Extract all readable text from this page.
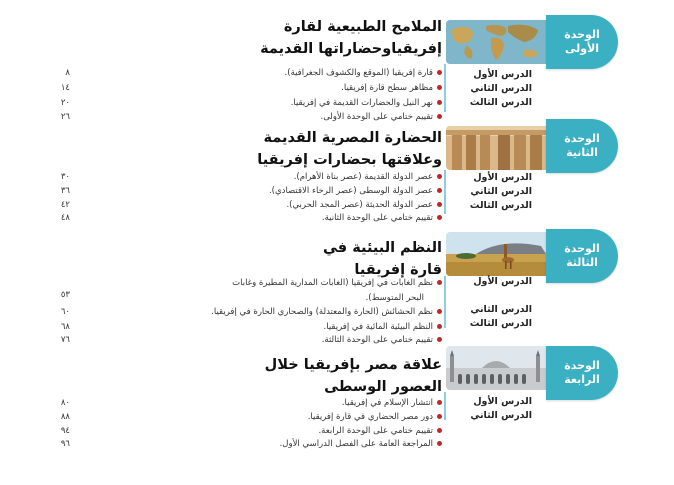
الملامح الطبيعية لقارة
إفريقياوحضاراتها القديمة
الوحدة
الأولى
الدرس الأول
الدرس الثاني
الدرس الثالث
قارة إفريقيا (الموقع والكشوف الجغرافية).
٨
مظاهر سطح قارة إفريقيا.
١٤
نهر النيل والحضارات القديمة في إفريقيا.
٢٠
تقييم ختامي على الوحدة الأولى.
٢٦
الحضارة المصرية القديمة
وعلاقتها بحضارات إفريقيا
الوحدة
الثانية
الدرس الأول
الدرس الثاني
الدرس الثالث
عصر الدولة القديمة (عصر بناة الأهرام).
٣٠
عصر الدولة الوسطى (عصر الرخاء الاقتصادي).
٣٦
عصر الدولة الحديثة (عصر المجد الحربي).
٤٢
تقييم ختامي على الوحدة الثانية.
٤٨
النظم البيئية في
قارة إفريقيا
الوحدة
الثالثة
الدرس الأول
الدرس الثاني
الدرس الثالث
نظم الغابات في إفريقيا (الغابات المدارية المطيرة وغابات
البحر المتوسط).
٥٣
نظم الحشائش (الحارة والمعتدلة) والصحاري الحارة في إفريقيا.
٦٠
النظم البيئية المائية في إفريقيا.
٦٨
تقييم ختامي على الوحدة الثالثة.
٧٦
علاقة مصر بإفريقيا خلال
العصور الوسطى
الوحدة
الرابعة
الدرس الأول
الدرس الثاني
انتشار الإسلام في إفريقيا.
٨٠
دور مصر الحضاري في قارة إفريقيا.
٨٨
تقييم ختامي على الوحدة الرابعة.
٩٤
المراجعة العامة على الفصل الدراسي الأول.
٩٦
